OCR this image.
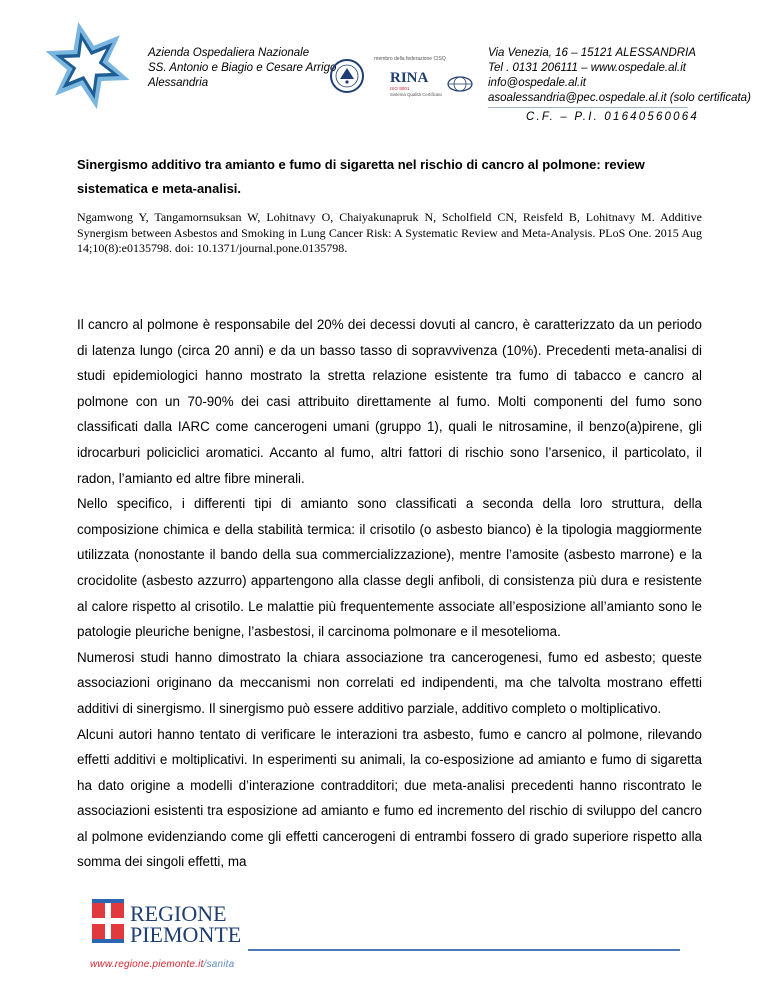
Azienda Ospedaliera Nazionale
SS. Antonio e Biagio e Cesare Arrigo
Alessandria
membro della federazione CISQ
RINA
ISO 9001
Sistema Qualità Certificato
Via Venezia, 16 – 15121 ALESSANDRIA
Tel . 0131 206111 – www.ospedale.al.it
info@ospedale.al.it
asoalessandria@pec.ospedale.al.it (solo certificata)
C.F. – P.I. 01640560064
Sinergismo additivo tra amianto e fumo di sigaretta nel rischio di cancro al polmone: review sistematica e meta-analisi.
Ngamwong Y, Tangamornsuksan W, Lohitnavy O, Chaiyakunapruk N, Scholfield CN, Reisfeld B, Lohitnavy M. Additive Synergism between Asbestos and Smoking in Lung Cancer Risk: A Systematic Review and Meta-Analysis. PLoS One. 2015 Aug 14;10(8):e0135798. doi: 10.1371/journal.pone.0135798.

Il cancro al polmone è responsabile del 20% dei decessi dovuti al cancro, è caratterizzato da un periodo di latenza lungo (circa 20 anni) e da un basso tasso di sopravvivenza (10%). Precedenti meta-analisi di studi epidemiologici hanno mostrato la stretta relazione esistente tra fumo di tabacco e cancro al polmone con un 70-90% dei casi attribuito direttamente al fumo. Molti componenti del fumo sono classificati dalla IARC come cancerogeni umani (gruppo 1), quali le nitrosamine, il benzo(a)pirene, gli idrocarburi policiclici aromatici. Accanto al fumo, altri fattori di rischio sono l’arsenico, il particolato, il radon, l’amianto ed altre fibre minerali.

Nello specifico, i differenti tipi di amianto sono classificati a seconda della loro struttura, della composizione chimica e della stabilità termica: il crisotilo (o asbesto bianco) è la tipologia maggiormente utilizzata (nonostante il bando della sua commercializzazione), mentre l’amosite (asbesto marrone) e la crocidolite (asbesto azzurro) appartengono alla classe degli anfiboli, di consistenza più dura e resistente al calore rispetto al crisotilo. Le malattie più frequentemente associate all’esposizione all’amianto sono le patologie pleuriche benigne, l’asbestosi, il carcinoma polmonare e il mesotelioma.

Numerosi studi hanno dimostrato la chiara associazione tra cancerogenesi, fumo ed asbesto; queste associazioni originano da meccanismi non correlati ed indipendenti, ma che talvolta mostrano effetti additivi di sinergismo. Il sinergismo può essere additivo parziale, additivo completo o moltiplicativo.

Alcuni autori hanno tentato di verificare le interazioni tra asbesto, fumo e cancro al polmone, rilevando effetti additivi e moltiplicativi. In esperimenti su animali, la co-esposizione ad amianto e fumo di sigaretta ha dato origine a modelli d’interazione contradditori; due meta-analisi precedenti hanno riscontrato le associazioni esistenti tra esposizione ad amianto e fumo ed incremento del rischio di sviluppo del cancro al polmone evidenziando come gli effetti cancerogeni di entrambi fossero di grado superiore rispetto alla somma dei singoli effetti, ma

REGIONE
PIEMONTE
www.regione.piemonte.it/sanita
